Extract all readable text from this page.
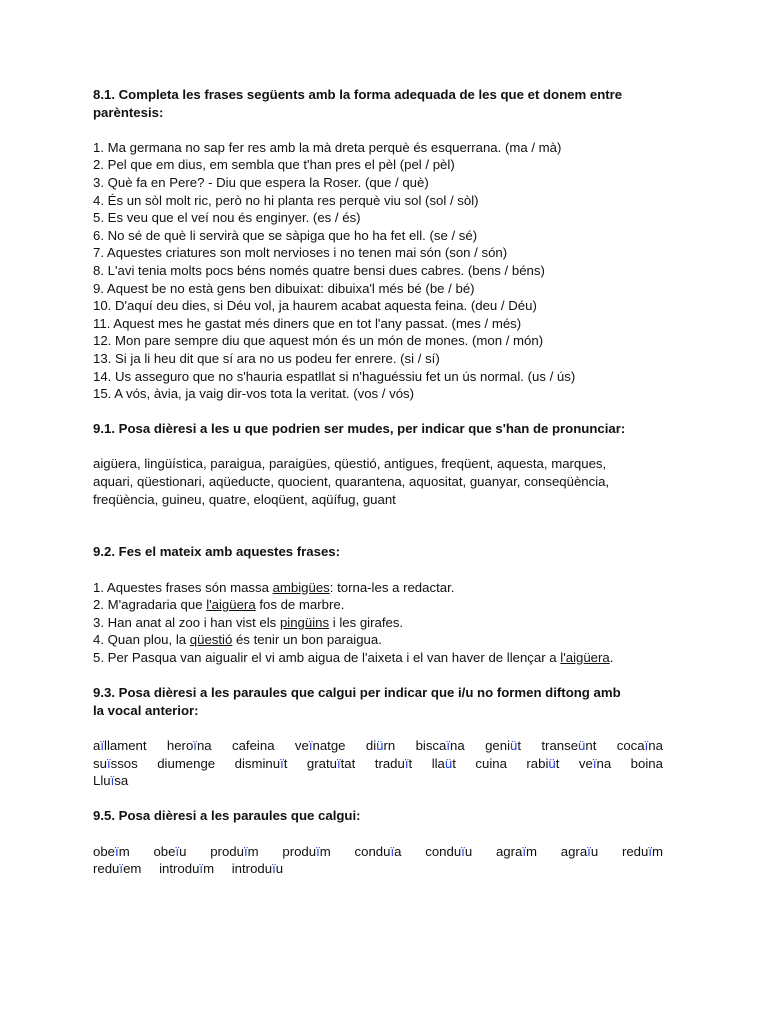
8.1. Completa les frases següents amb la forma adequada de les que et donem entre parèntesis:

1. Ma germana no sap fer res amb la mà dreta perquè és esquerrana. (ma / mà)
2. Pel que em dius, em sembla que t'han pres el pèl (pel / pèl)
3. Què fa en Pere? - Diu que espera la Roser. (que / què)
4. És un sòl molt ric, però no hi planta res perquè viu sol (sol / sòl)
5. Es veu que el veí nou és enginyer. (es / és)
6. No sé de què li servirà que se sàpiga que ho ha fet ell. (se / sé)
7. Aquestes criatures son molt nervioses i no tenen mai són (son / són)
8. L'avi tenia molts pocs béns només quatre bensi dues cabres. (bens / béns)
9. Aquest be no està gens ben dibuixat: dibuixa'l més bé (be / bé)
10. D'aquí deu dies, si Déu vol, ja haurem acabat aquesta feina. (deu / Déu)
11. Aquest mes he gastat més diners que en tot l'any passat. (mes / més)
12. Mon pare sempre diu que aquest món és un món de mones. (mon / món)
13. Si ja li heu dit que sí ara no us podeu fer enrere. (si / sí)
14. Us asseguro que no s'hauria espatllat si n'haguéssiu fet un ús normal. (us / ús)
15. A vós, àvia, ja vaig dir-vos tota la veritat. (vos / vós)

9.1. Posa dièresi a les u que podrien ser mudes, per indicar que s'han de pronunciar:

aigüera, lingüística, paraigua, paraigües, qüestió, antigues, freqüent, aquesta, marques,
aquari, qüestionari, aqüeducte, quocient, quarantena, aquositat, guanyar, conseqüència,
freqüència, guineu, quatre, eloqüent, aqüífug, guant

9.2. Fes el mateix amb aquestes frases:

1. Aquestes frases són massa ambigües: torna-les a redactar.
2. M'agradaria que l'aigüera fos de marbre.
3. Han anat al zoo i han vist els pingüins i les girafes.
4. Quan plou, la qüestió és tenir un bon paraigua.
5. Per Pasqua van aigualir el vi amb aigua de l'aixeta i el van haver de llençar a l'aigüera.

9.3. Posa dièresi a les paraules que calgui per indicar que i/u no formen diftong amb
la vocal anterior:

aïllament heroïna cafeina veïnatge diürn biscaïna geniüt transeünt cocaïna
suïssos diumenge disminuït gratuïtat traduït llaüt cuina rabiüt veïna boina
Lluïsa

9.5. Posa dièresi a les paraules que calgui:

obeïm obeïu produïm produïm conduïa conduïu agraïm agraïu reduïm
reduïem introduïm introduïu
